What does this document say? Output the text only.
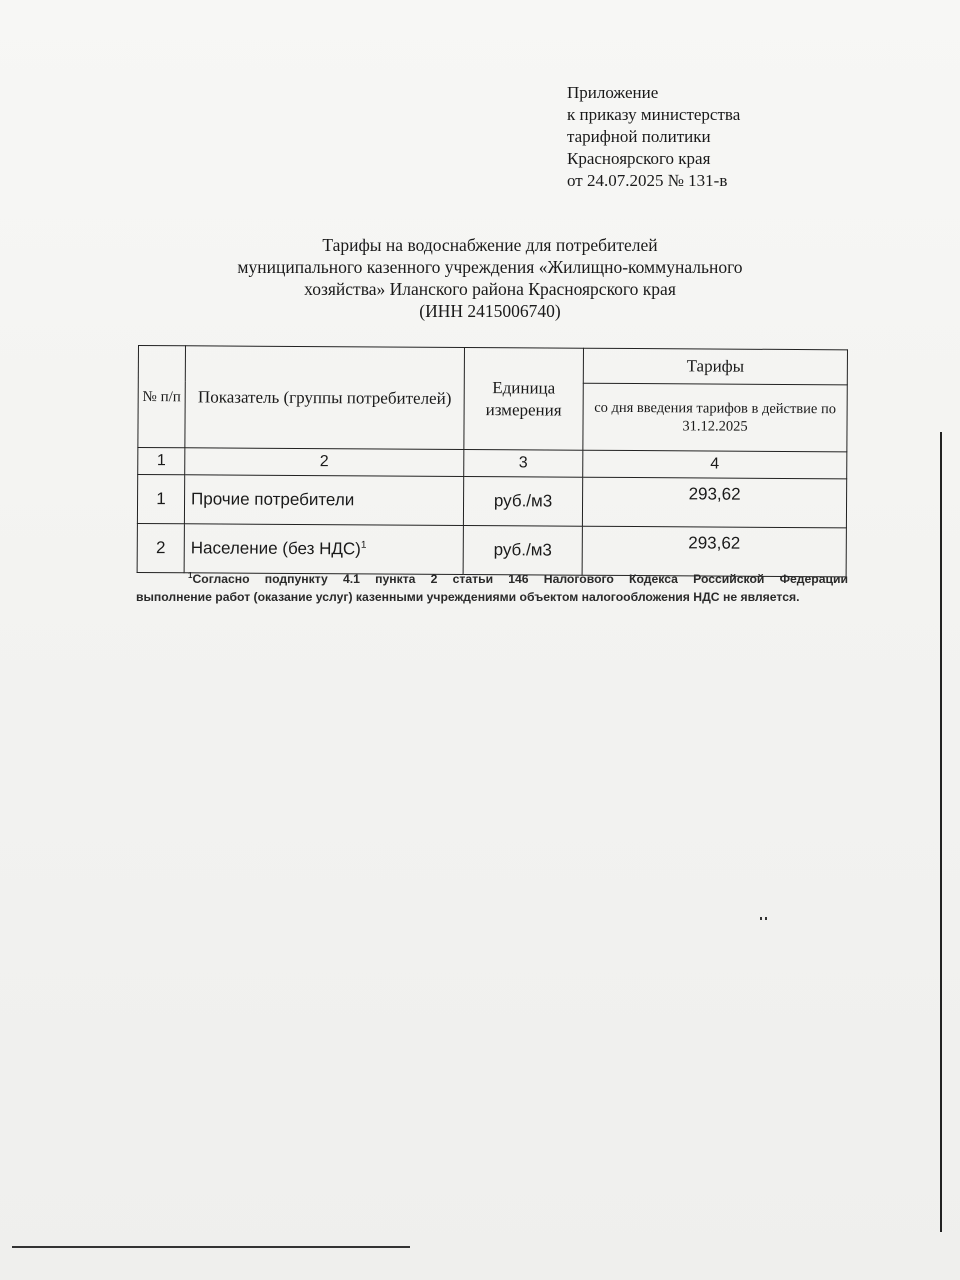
Приложение
к приказу министерства
тарифной политики
Красноярского края
от 24.07.2025 № 131-в
Тарифы на водоснабжение для потребителей
муниципального казенного учреждения «Жилищно-коммунального
хозяйства» Иланского района Красноярского края
(ИНН 2415006740)
№ п/п	Показатель (группы потребителей)	Единица измерения	Тарифы
			со дня введения тарифов в действие по 31.12.2025
1	2	3	4
1	Прочие потребители	руб./м3	293,62
2	Население (без НДС)$^1$	руб./м3	293,62
$^1$Согласно подпункту 4.1 пункта 2 статьи 146 Налогового Кодекса Российской Федерации
выполнение работ (оказание услуг) казенными учреждениями объектом налогообложения НДС не является.
